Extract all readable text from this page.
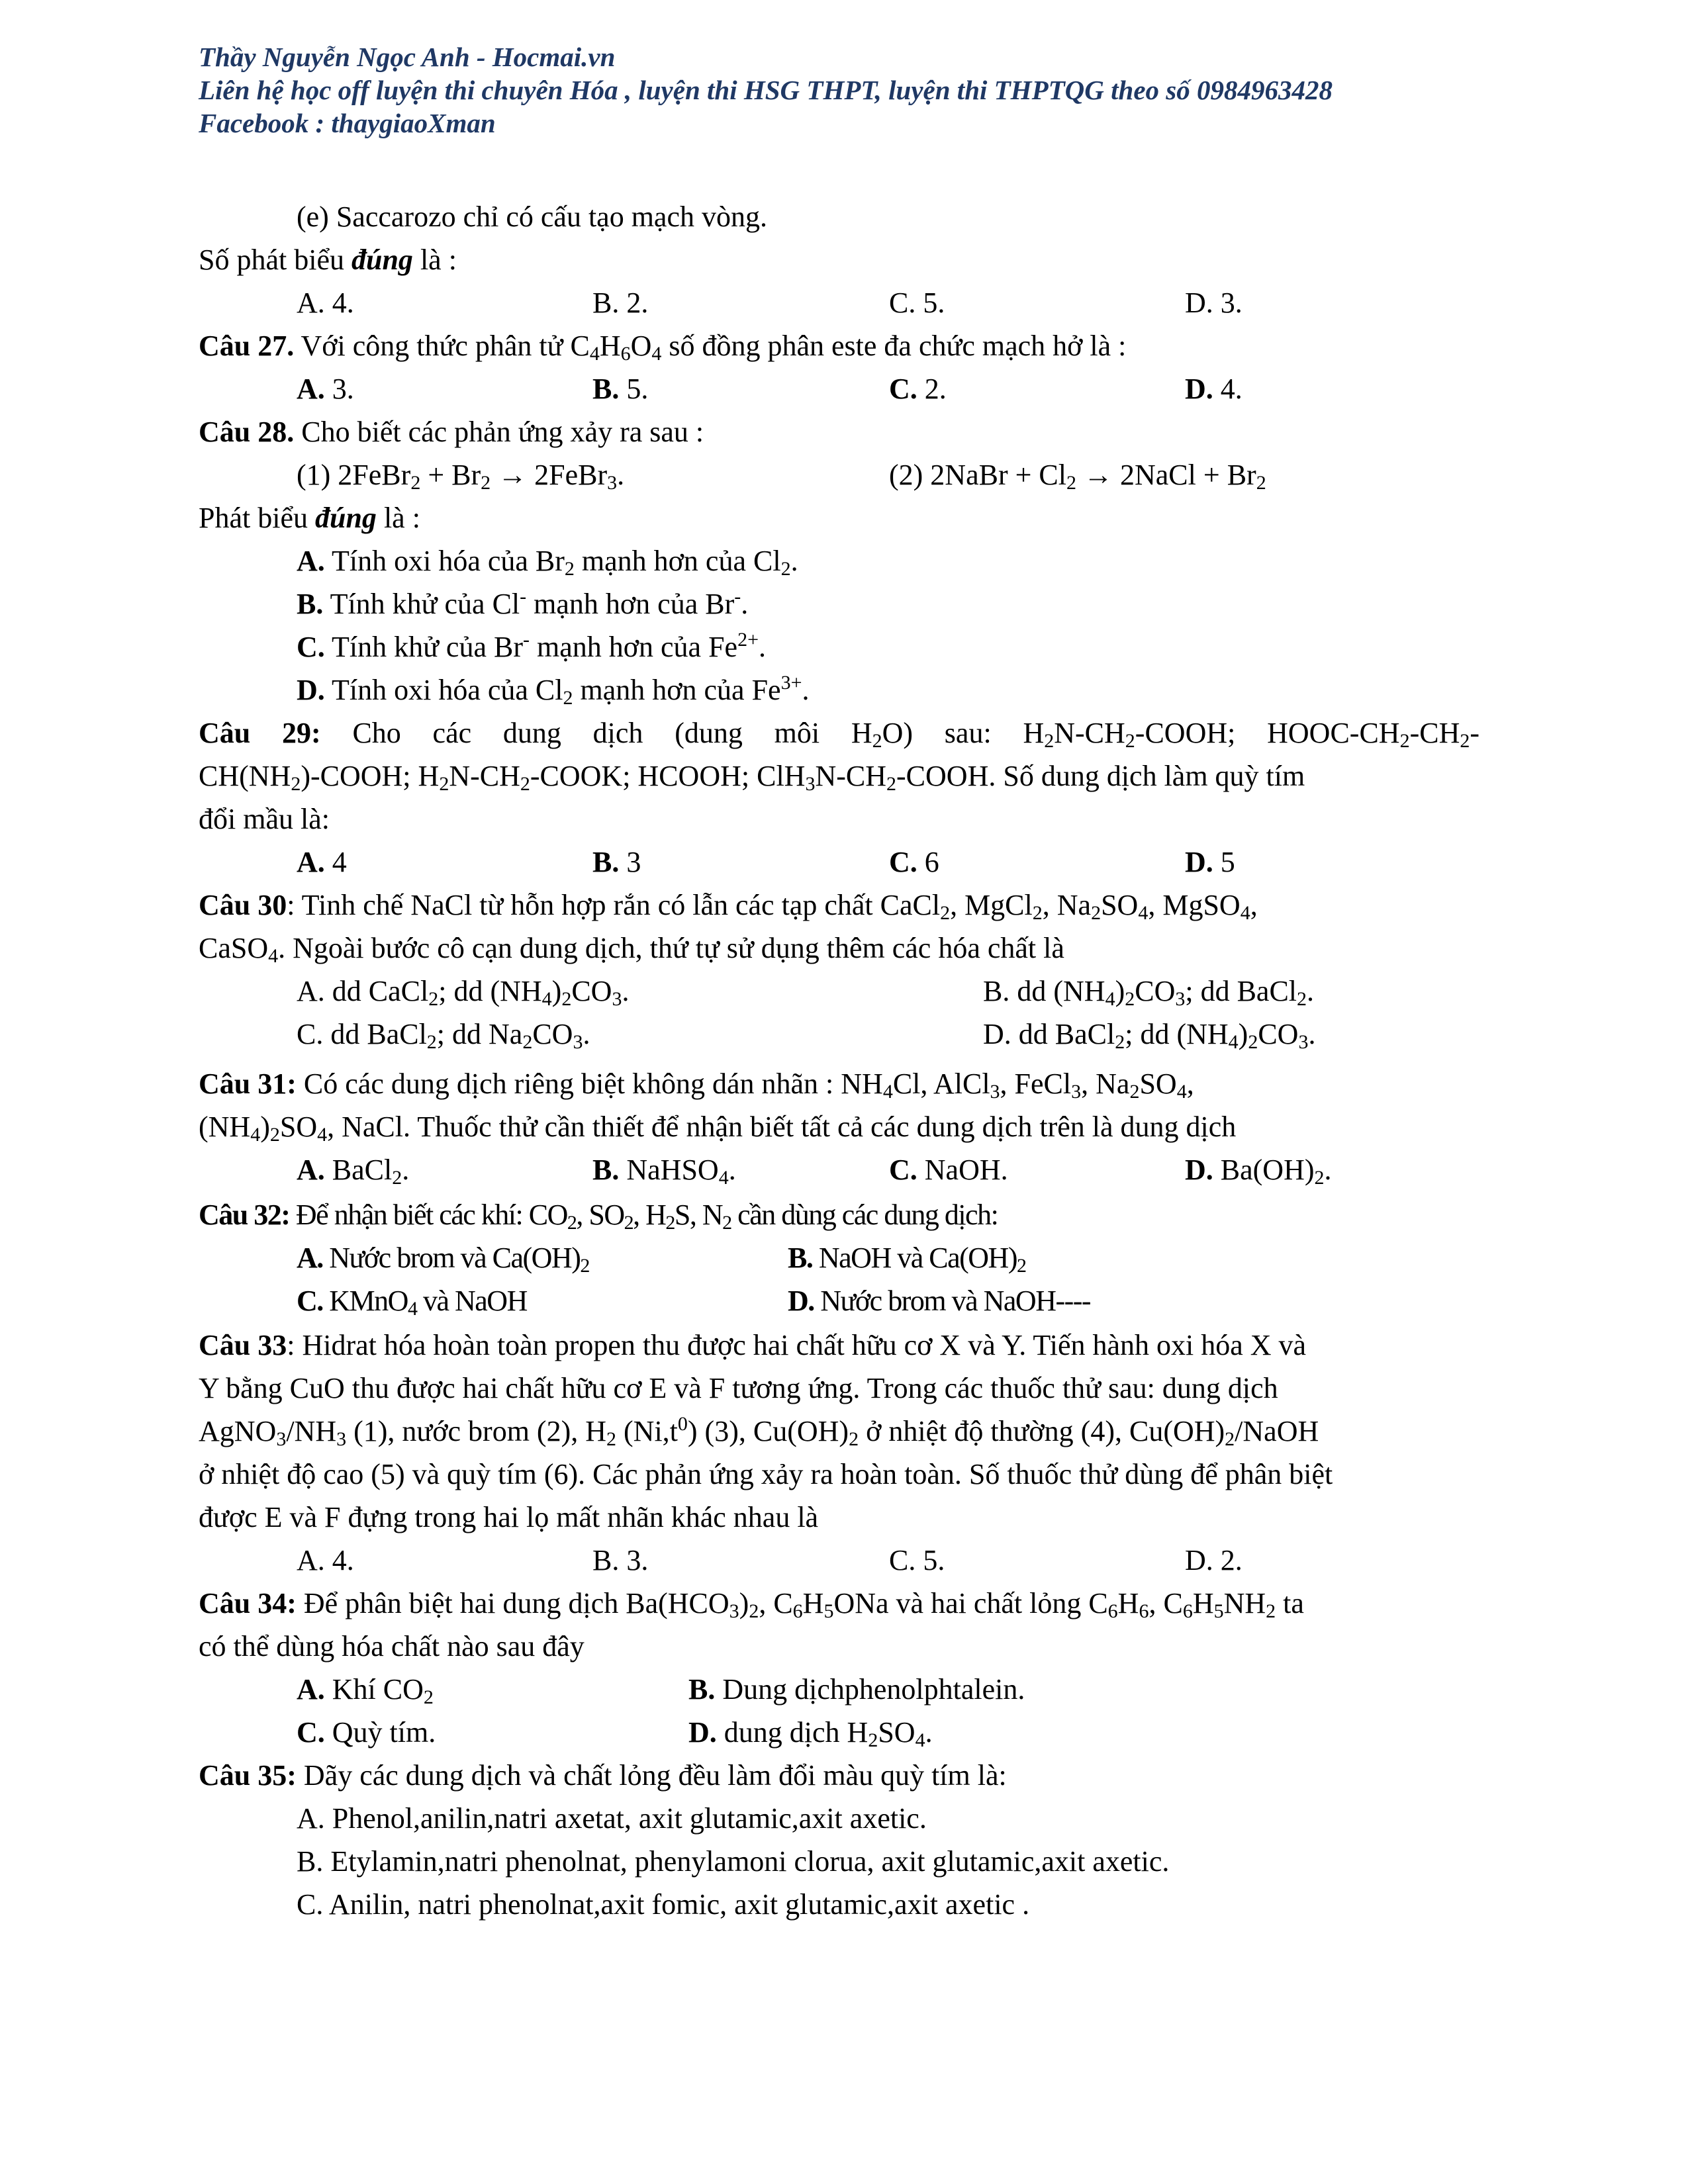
Thầy Nguyễn Ngọc Anh - Hocmai.vn
Liên hệ học off luyện thi chuyên Hóa , luyện thi HSG THPT, luyện thi THPTQG theo số 0984963428
Facebook : thaygiaoXman
(e) Saccarozo chỉ có cấu tạo mạch vòng.
Số phát biểu đúng là :
A. 4.	B. 2.	C. 5.	D. 3.
Câu 27. Với công thức phân tử $C_4H_6O_4$ số đồng phân este đa chức mạch hở là :
A. 3.	B. 5.	C. 2.	D. 4.
Câu 28. Cho biết các phản ứng xảy ra sau :
(1) 2FeBr$_2$ + $Br_2$ → 2FeBr$_3$.	(2) 2NaBr + $Cl_2$ → 2NaCl + $Br_2$
Phát biểu đúng là :
A. Tính oxi hóa của $Br_2$ mạnh hơn của $Cl_2$.
B. Tính khử của Cl- mạnh hơn của Br-.
C. Tính khử của Br- mạnh hơn của $Fe^{2+}$.
D. Tính oxi hóa của $Cl_2$ mạnh hơn của $Fe^{3+}$.
Câu 29: Cho các dung dịch (dung môi $H_2O$) sau: $H_2N-CH_2$-COOH; HOOC-$CH_2-CH_2-$
$CH(NH_2)$-COOH; $H_2N-CH_2$-COOK; HCOOH; $ClH_3N-CH_2$-COOH. Số dung dịch làm quỳ tím
đổi mầu là:
A. 4	B. 3	C. 6	D. 5
Câu 30: Tinh chế NaCl từ hỗn hợp rắn có lẫn các tạp chất CaCl$_2$, MgCl$_2$, $Na_2SO_4$, MgSO$_4$,
CaSO$_4$. Ngoài bước cô cạn dung dịch, thứ tự sử dụng thêm các hóa chất là
A. dd CaCl$_2$; dd $(NH_4)_2CO_3$.	B. dd $(NH_4)_2CO_3$; dd BaCl$_2$.
C. dd BaCl$_2$; dd $Na_2CO_3$.	D. dd BaCl$_2$; dd $(NH_4)_2CO_3$.
Câu 31: Có các dung dịch riêng biệt không dán nhãn : $NH_4Cl$, AlCl$_3$, FeCl$_3$, $Na_2SO_4$,
$(NH_4)_2SO_4$, NaCl. Thuốc thử cần thiết để nhận biết tất cả các dung dịch trên là dung dịch
A. BaCl$_2$.	B. NaHSO$_4$.	C. NaOH.	D. $Ba(OH)_2$.
Câu 32: Để nhận biết các khí: $CO_2$, $SO_2$, $H_2S$, $N_2$ cần dùng các dung dịch:
A. Nước brom và $Ca(OH)_2$	B. NaOH và $Ca(OH)_2$
C. KMnO$_4$ và NaOH	D. Nước brom và NaOH----
Câu 33: Hidrat hóa hoàn toàn propen thu được hai chất hữu cơ X và Y. Tiến hành oxi hóa X và
Y bằng CuO thu được hai chất hữu cơ E và F tương ứng. Trong các thuốc thử sau: dung dịch
$AgNO_3/NH_3$ (1), nước brom (2), $H_2$ $(Ni,t^0)$ (3), $Cu(OH)_2$ ở nhiệt độ thường (4), $Cu(OH)_2$/NaOH
ở nhiệt độ cao (5) và quỳ tím (6). Các phản ứng xảy ra hoàn toàn. Số thuốc thử dùng để phân biệt
được E và F đựng trong hai lọ mất nhãn khác nhau là
A. 4.	B. 3.	C. 5.	D. 2.
Câu 34: Để phân biệt hai dung dịch $Ba(HCO_3)_2$, $C_6H_5ONa$ và hai chất lỏng $C_6H_6$, $C_6H_5NH_2$ ta
có thể dùng hóa chất nào sau đây
A. Khí $CO_2$	B. Dung dịchphenolphtalein.
C. Quỳ tím.	D. dung dịch $H_2SO_4$.
Câu 35: Dãy các dung dịch và chất lỏng đều làm đổi màu quỳ tím là:
A. Phenol,anilin,natri axetat, axit glutamic,axit axetic.
B. Etylamin,natri phenolnat, phenylamoni clorua, axit glutamic,axit axetic.
C. Anilin, natri phenolnat,axit fomic, axit glutamic,axit axetic .
